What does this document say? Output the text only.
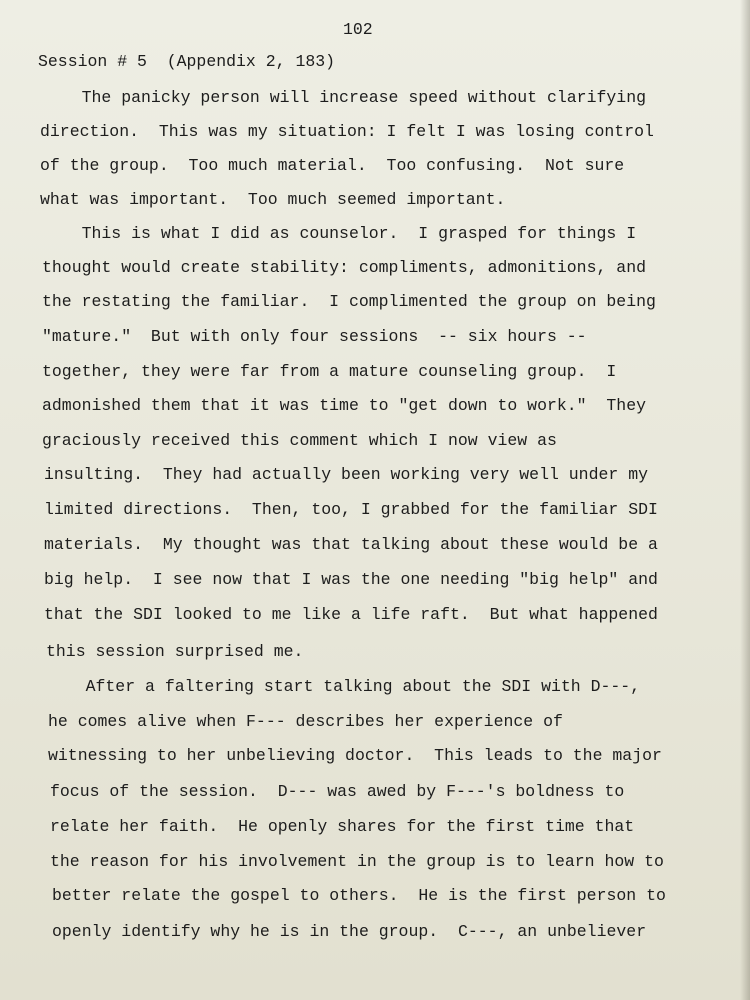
102
Session # 5  (Appendix 2, 183)
The panicky person will increase speed without clarifying
direction.  This was my situation: I felt I was losing control
of the group.  Too much material.  Too confusing.  Not sure
what was important.  Too much seemed important.
This is what I did as counselor.  I grasped for things I
thought would create stability: compliments, admonitions, and
the restating the familiar.  I complimented the group on being
"mature."  But with only four sessions  -- six hours --
together, they were far from a mature counseling group.  I
admonished them that it was time to "get down to work."  They
graciously received this comment which I now view as
insulting.  They had actually been working very well under my
limited directions.  Then, too, I grabbed for the familiar SDI
materials.  My thought was that talking about these would be a
big help.  I see now that I was the one needing "big help" and
that the SDI looked to me like a life raft.  But what happened
this session surprised me.
After a faltering start talking about the SDI with D---,
he comes alive when F--- describes her experience of
witnessing to her unbelieving doctor.  This leads to the major
focus of the session.  D--- was awed by F---'s boldness to
relate her faith.  He openly shares for the first time that
the reason for his involvement in the group is to learn how to
better relate the gospel to others.  He is the first person to
openly identify why he is in the group.  C---, an unbeliever
